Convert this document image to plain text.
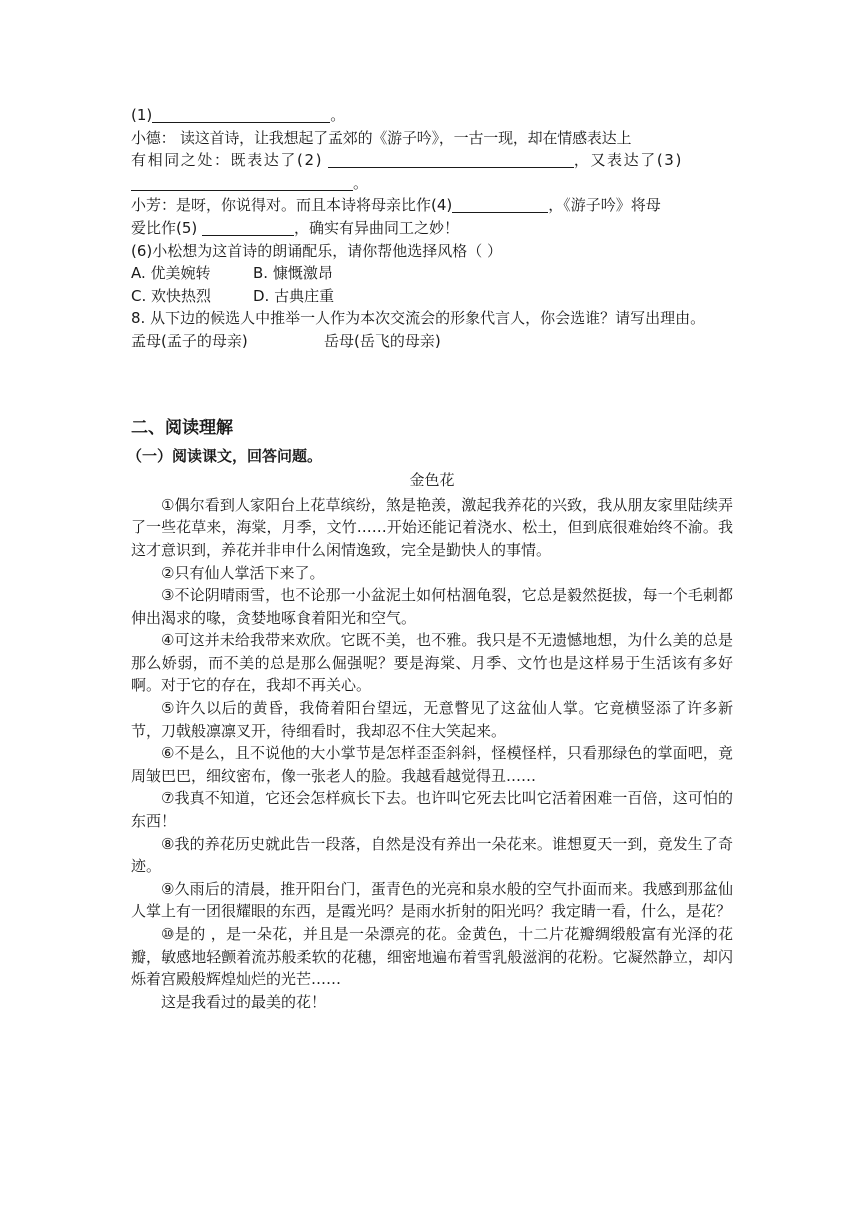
(1)	。

小德： 读这首诗，让我想起了孟郊的《游子吟》，一古一现，却在情感表达上

有相同之处：既表达了(2)	，又表达了(3)

。

小芳：是呀，你说得对。而且本诗将母亲比作(4)	，《游子吟》将母

爱比作(5)	，确实有异曲同工之妙！

(6)小松想为这首诗的朗诵配乐，请你帮他选择风格（ ）

A. 优美婉转	B. 慷慨激昂

C. 欢快热烈	D. 古典庄重

8. 从下边的候选人中推举一人作为本次交流会的形象代言人，你会选谁？请写出理由。

孟母(孟子的母亲)	岳母(岳飞的母亲)

二、阅读理解

（一）阅读课文，回答问题。

金色花

①偶尔看到人家阳台上花草缤纷，煞是艳羡，激起我养花的兴致，我从朋友家里陆续弄了一些花草来，海棠，月季，文竹……开始还能记着浇水、松土，但到底很难始终不渝。我这才意识到，养花并非申什么闲情逸致，完全是勤快人的事情。

②只有仙人掌活下来了。

③不论阴晴雨雪，也不论那一小盆泥土如何枯涸龟裂，它总是毅然挺拔，每一个毛刺都伸出渴求的喙，贪婪地啄食着阳光和空气。

④可这并未给我带来欢欣。它既不美，也不雅。我只是不无遗憾地想，为什么美的总是那么娇弱，而不美的总是那么倔强呢？要是海棠、月季、文竹也是这样易于生活该有多好啊。对于它的存在，我却不再关心。

⑤许久以后的黄昏，我倚着阳台望远，无意瞥见了这盆仙人掌。它竟横竖添了许多新节，刀戟般凛凛叉开，待细看时，我却忍不住大笑起来。

⑥不是么，且不说他的大小掌节是怎样歪歪斜斜，怪模怪样，只看那绿色的掌面吧，竟周皱巴巴，细纹密布，像一张老人的脸。我越看越觉得丑……

⑦我真不知道，它还会怎样疯长下去。也许叫它死去比叫它活着困难一百倍，这可怕的东西！

⑧我的养花历史就此告一段落，自然是没有养出一朵花来。谁想夏天一到，竟发生了奇迹。

⑨久雨后的清晨，推开阳台门，蛋青色的光亮和泉水般的空气扑面而来。我感到那盆仙人掌上有一团很耀眼的东西，是霞光吗？是雨水折射的阳光吗？我定睛一看，什么，是花？

⑩是的 ，是一朵花，并且是一朵漂亮的花。金黄色，十二片花瓣绸缎般富有光泽的花瓣，敏感地轻颤着流苏般柔软的花穗，细密地遍布着雪乳般滋润的花粉。它凝然静立，却闪烁着宫殿般辉煌灿烂的光芒……

这是我看过的最美的花！
